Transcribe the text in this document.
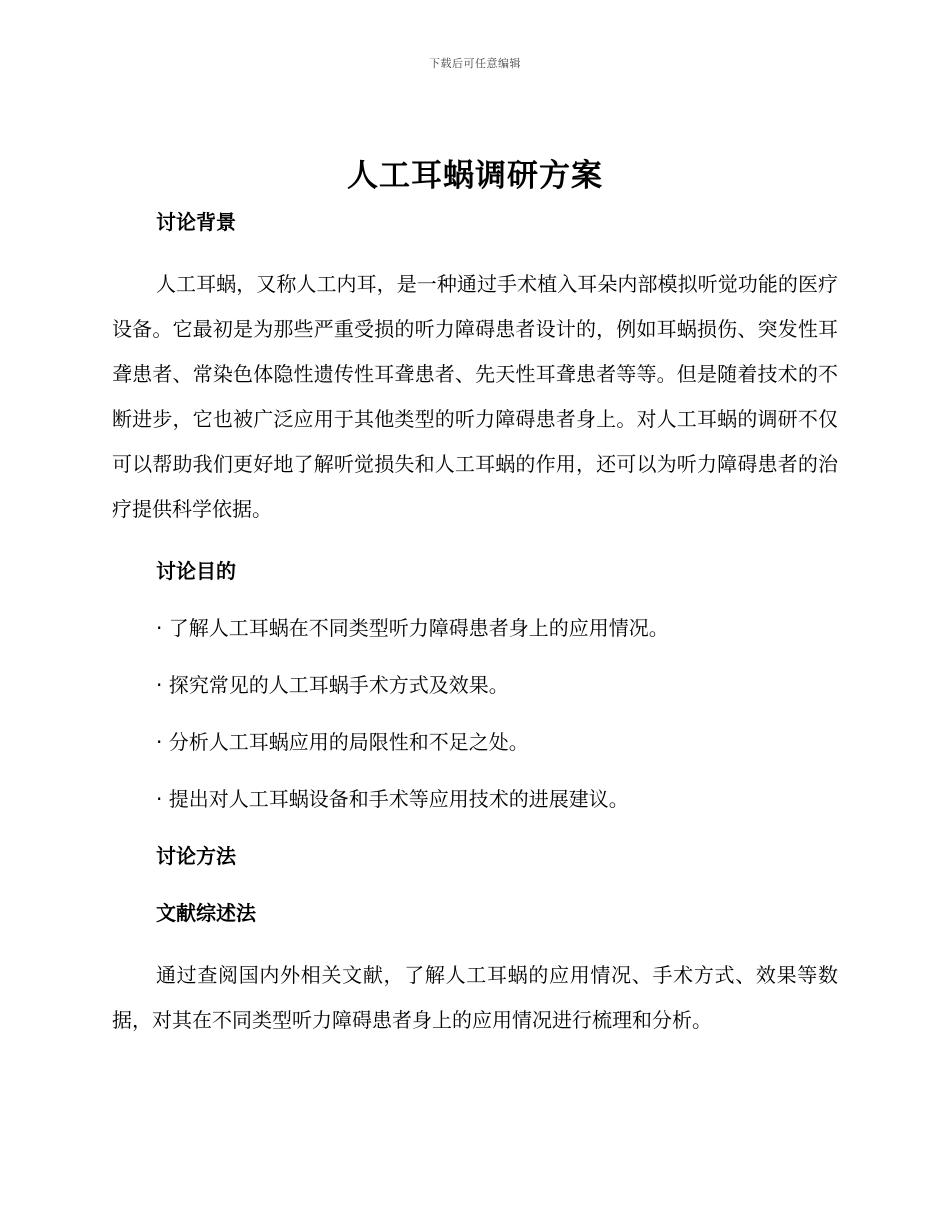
下载后可任意编辑
人工耳蜗调研方案
讨论背景

人工耳蜗，又称人工内耳，是一种通过手术植入耳朵内部模拟听觉功能的医疗设备。它最初是为那些严重受损的听力障碍患者设计的，例如耳蜗损伤、突发性耳聋患者、常染色体隐性遗传性耳聋患者、先天性耳聋患者等等。但是随着技术的不断进步，它也被广泛应用于其他类型的听力障碍患者身上。对人工耳蜗的调研不仅可以帮助我们更好地了解听觉损失和人工耳蜗的作用，还可以为听力障碍患者的治疗提供科学依据。

讨论目的
· 了解人工耳蜗在不同类型听力障碍患者身上的应用情况。
· 探究常见的人工耳蜗手术方式及效果。
· 分析人工耳蜗应用的局限性和不足之处。
· 提出对人工耳蜗设备和手术等应用技术的进展建议。
讨论方法
文献综述法

通过查阅国内外相关文献，了解人工耳蜗的应用情况、手术方式、效果等数据，对其在不同类型听力障碍患者身上的应用情况进行梳理和分析。
